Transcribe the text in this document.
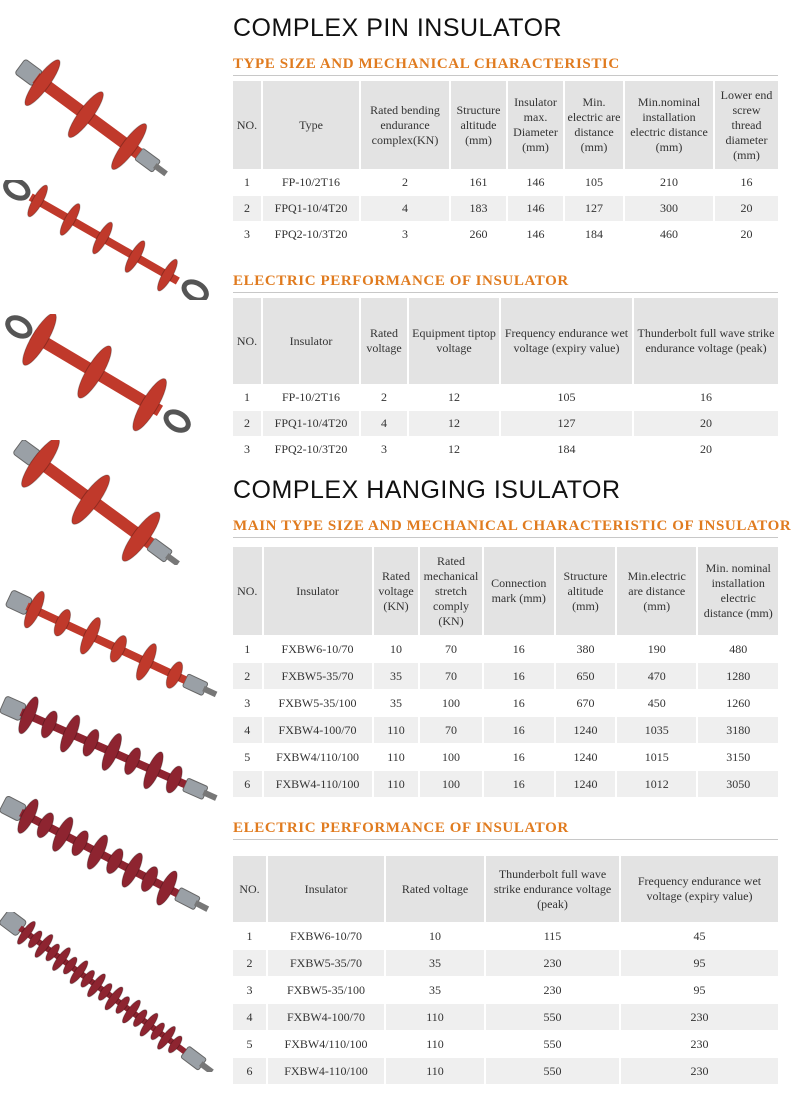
COMPLEX PIN INSULATOR
TYPE SIZE AND MECHANICAL CHARACTERISTIC
NO.	Type	Rated bending endurance complex(KN)	Structure altitude (mm)	Insulator max. Diameter (mm)	Min. electric are distance (mm)	Min.nominal installation electric distance (mm)	Lower end screw thread diameter (mm)
1	FP-10/2T16	2	161	146	105	210	16
2	FPQ1-10/4T20	4	183	146	127	300	20
3	FPQ2-10/3T20	3	260	146	184	460	20
ELECTRIC PERFORMANCE OF INSULATOR
NO.	Insulator	Rated voltage	Equipment tiptop voltage	Frequency endurance wet voltage (expiry value)	Thunderbolt full wave strike endurance voltage (peak)
1	FP-10/2T16	2	12	105	16
2	FPQ1-10/4T20	4	12	127	20
3	FPQ2-10/3T20	3	12	184	20
COMPLEX HANGING ISULATOR
MAIN TYPE SIZE AND MECHANICAL CHARACTERISTIC OF INSULATOR
NO.	Insulator	Rated voltage (KN)	Rated mechanical stretch comply (KN)	Connection mark (mm)	Structure altitude (mm)	Min.electric are distance (mm)	Min. nominal installation electric distance (mm)
1	FXBW6-10/70	10	70	16	380	190	480
2	FXBW5-35/70	35	70	16	650	470	1280
3	FXBW5-35/100	35	100	16	670	450	1260
4	FXBW4-100/70	110	70	16	1240	1035	3180
5	FXBW4/110/100	110	100	16	1240	1015	3150
6	FXBW4-110/100	110	100	16	1240	1012	3050
ELECTRIC PERFORMANCE OF INSULATOR
NO.	Insulator	Rated voltage	Thunderbolt full wave strike endurance voltage (peak)	Frequency endurance wet voltage (expiry value)
1	FXBW6-10/70	10	115	45
2	FXBW5-35/70	35	230	95
3	FXBW5-35/100	35	230	95
4	FXBW4-100/70	110	550	230
5	FXBW4/110/100	110	550	230
6	FXBW4-110/100	110	550	230
